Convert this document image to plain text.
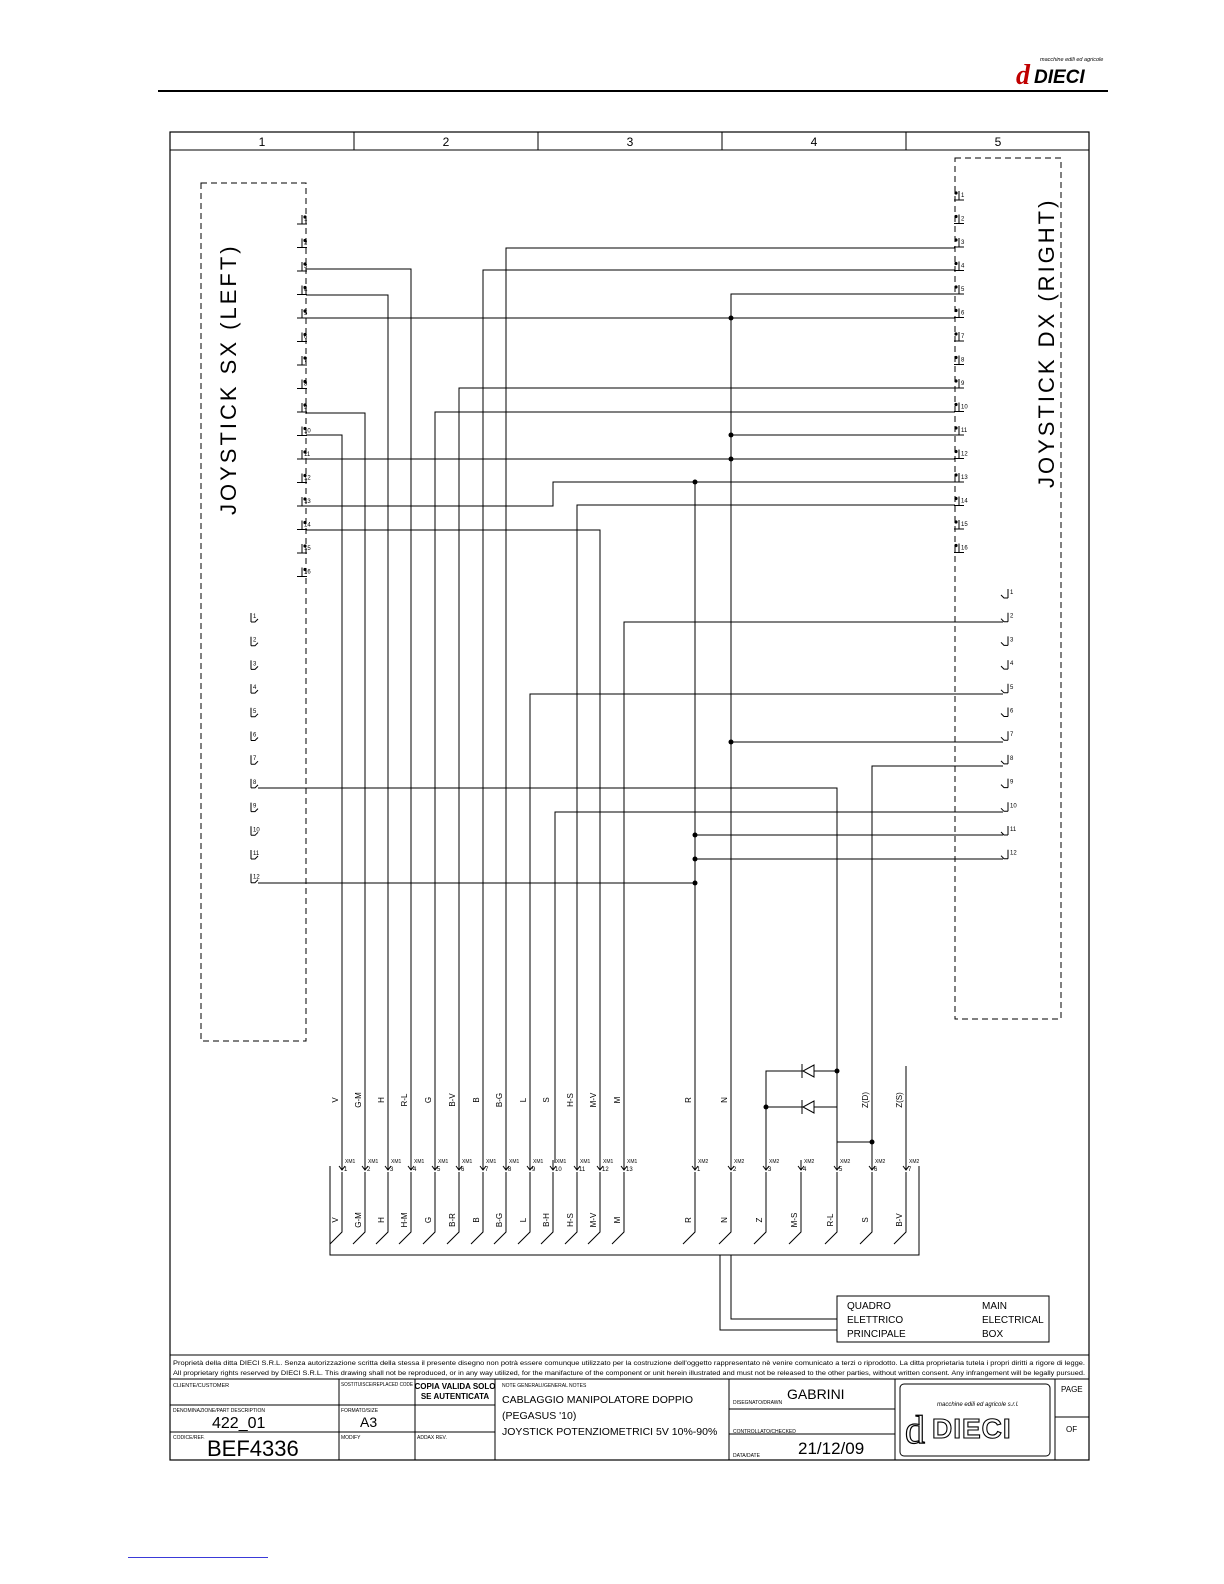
macchine edili ed agricole
d DIECI
1	2	3	4	5
JOYSTICK SX (LEFT)	JOYSTICK DX (RIGHT)
1
2
3
4
5
6
7
8
9
10
11
12
13
14
15
16
1
2
3
4
5
6
7
8
9
10
11
12
13
14
15
16
1
2
3
4
5
6
7
8
9
10
11
12
1
2
3
4
5
6
7
8
9
10
11
12
V G-M H R-L G B-V B B-G L S H-S M-V M	R	N	Z(D)	Z(S)
V G-M H H-M G B-R B B-G L B-H H-S M-V M	R	N	Z	M-S	R-L	S	B-V
XM1
1
XM1
2
XM1
3
XM1
4
XM1
5
XM1
6
XM1
7
XM1
8
XM1
9
XM1
10
XM1
11
XM1
12
XM1
13
XM2
1
XM2
2
XM2
3
XM2
4
XM2
5
XM2
6
XM2
7
QUADRO
ELETTRICO
PRINCIPALE
MAIN
ELECTRICAL
BOX
Proprietà della ditta DIECI S.R.L. Senza autorizzazione scritta della stessa il presente disegno non potrà essere comunque utilizzato per la costruzione dell'oggetto rappresentato nè venire comunicato a terzi o riprodotto. La ditta proprietaria tutela i propri diritti a rigore di legge.
All proprietary rights reserved by DIECI S.R.L. This drawing shall not be reproduced, or in any way utilized, for the manifacture of the component or unit herein illustrated and must not be released to the other parties, without written consent. Any infrangement will be legally pursued.
CLIENTE/CUSTOMER	SOSTITUISCE/REPLACED CODE COPIA VALIDA SOLO
SE AUTENTICATA
NOTE GENERALI/GENERAL NOTES
CABLAGGIO MANIPOLATORE DOPPIO
(PEGASUS '10)
JOYSTICK POTENZIOMETRICI 5V 10%-90%
DENOMINAZIONE/PART DESCRIPTION
422_01
FORMATO/SIZE
A3
CODICE/REF. BEF4336	MODIFY	ADDAX REV.
DISEGNATO/DRAWN
GABRINI
CONTROLLATO/CHECKED
DATA/DATE 21/12/09
macchine edili ed agricole s.r.l.
PAGE
OF
d DIECI
